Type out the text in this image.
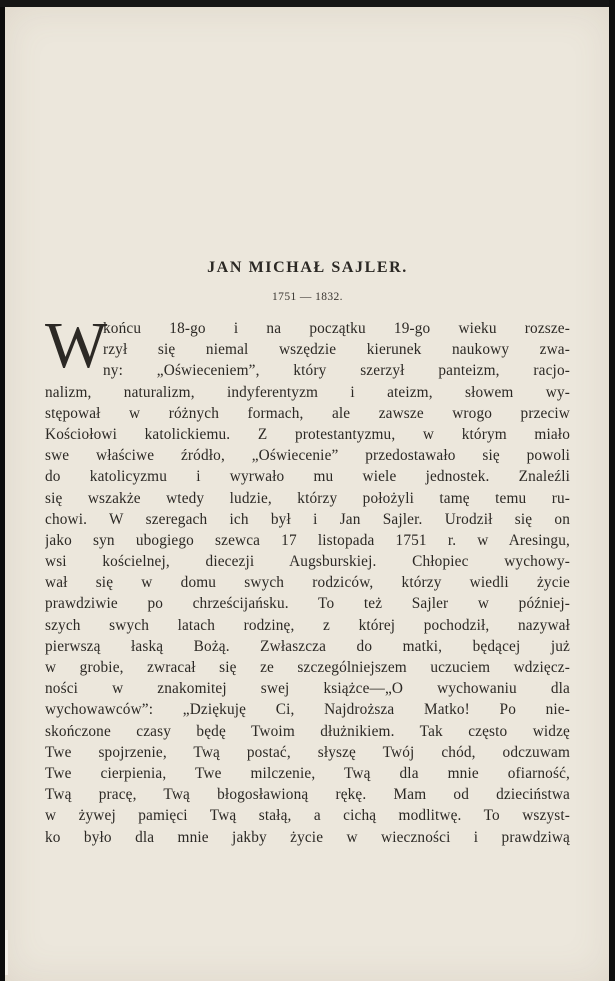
JAN MICHAŁ SAJLER.
1751 — 1832.
W
końcu 18-go i na początku 19-go wieku rozsze-
rzył się niemal wszędzie kierunek naukowy zwa-
ny: „Oświeceniem”, który szerzył panteizm, racjo-
nalizm, naturalizm, indyferentyzm i ateizm, słowem wy-
stępował w różnych formach, ale zawsze wrogo przeciw
Kościołowi katolickiemu. Z protestantyzmu, w którym miało
swe właściwe źródło, „Oświecenie” przedostawało się powoli
do katolicyzmu i wyrwało mu wiele jednostek. Znaleźli
się wszakże wtedy ludzie, którzy położyli tamę temu ru-
chowi. W szeregach ich był i Jan Sajler. Urodził się on
jako syn ubogiego szewca 17 listopada 1751 r. w Aresingu,
wsi kościelnej, diecezji Augsburskiej. Chłopiec wychowy-
wał się w domu swych rodziców, którzy wiedli życie
prawdziwie po chrześcijańsku. To też Sajler w później-
szych swych latach rodzinę, z której pochodził, nazywał
pierwszą łaską Bożą. Zwłaszcza do matki, będącej już
w grobie, zwracał się ze szczególniejszem uczuciem wdzięcz-
ności w znakomitej swej książce—„O wychowaniu dla
wychowawców”: „Dziękuję Ci, Najdroższa Matko! Po nie-
skończone czasy będę Twoim dłużnikiem. Tak często widzę
Twe spojrzenie, Twą postać, słyszę Twój chód, odczuwam
Twe cierpienia, Twe milczenie, Twą dla mnie ofiarność,
Twą pracę, Twą błogosławioną rękę. Mam od dzieciństwa
w żywej pamięci Twą stałą, a cichą modlitwę. To wszyst-
ko było dla mnie jakby życie w wieczności i prawdziwą
